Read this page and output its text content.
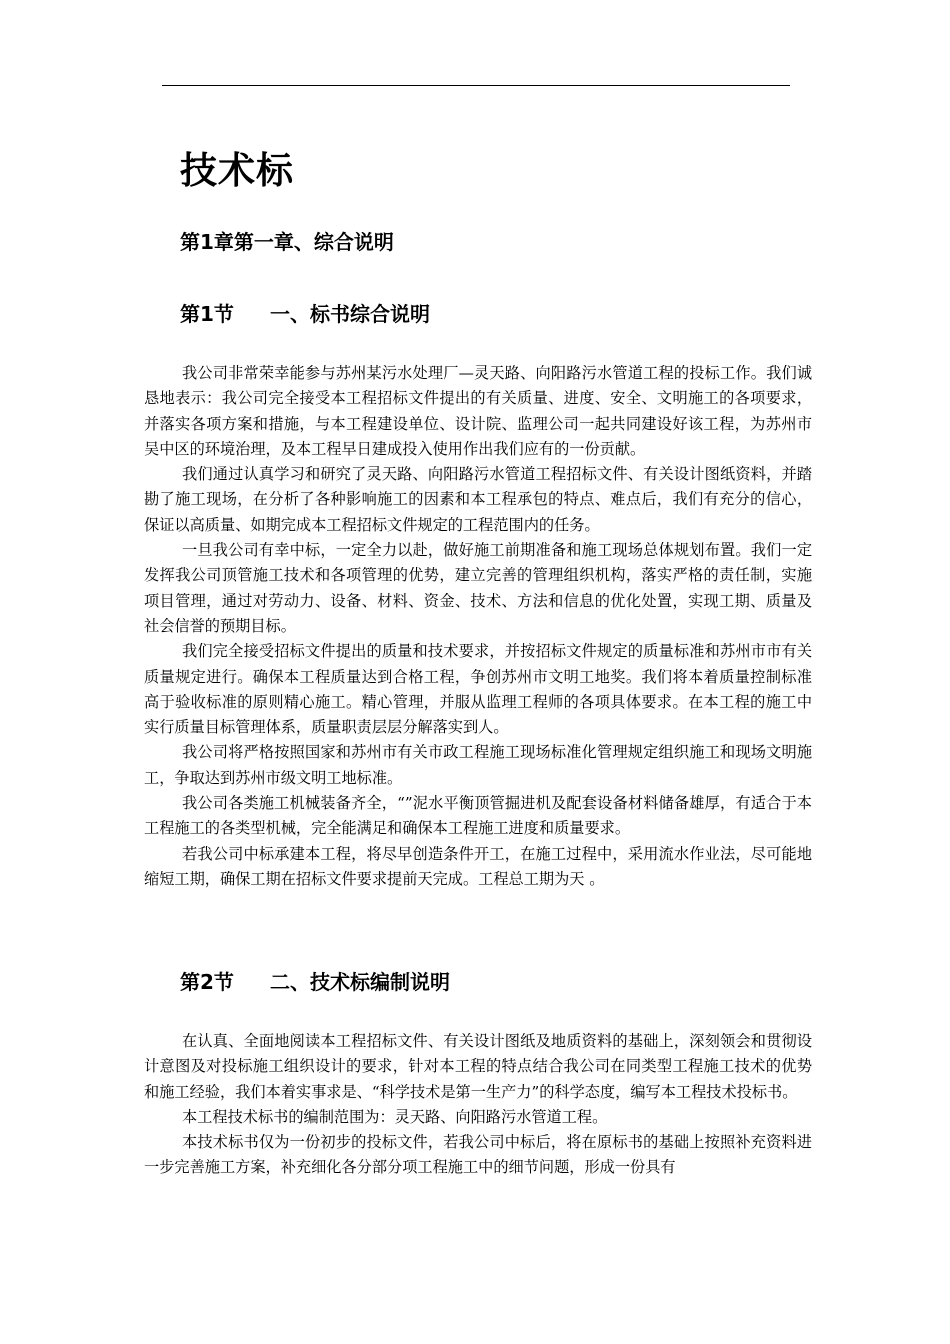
技术标
第1章第一章、综合说明
第1节 一、标书综合说明

我公司非常荣幸能参与苏州某污水处理厂—灵天路、向阳路污水管道工程的投标工作。我们诚恳地表示：我公司完全接受本工程招标文件提出的有关质量、进度、安全、文明施工的各项要求，并落实各项方案和措施，与本工程建设单位、设计院、监理公司一起共同建设好该工程，为苏州市吴中区的环境治理，及本工程早日建成投入使用作出我们应有的一份贡献。

我们通过认真学习和研究了灵天路、向阳路污水管道工程招标文件、有关设计图纸资料，并踏勘了施工现场，在分析了各种影响施工的因素和本工程承包的特点、难点后，我们有充分的信心，保证以高质量、如期完成本工程招标文件规定的工程范围内的任务。

一旦我公司有幸中标，一定全力以赴，做好施工前期准备和施工现场总体规划布置。我们一定发挥我公司顶管施工技术和各项管理的优势，建立完善的管理组织机构，落实严格的责任制，实施项目管理，通过对劳动力、设备、材料、资金、技术、方法和信息的优化处置，实现工期、质量及社会信誉的预期目标。

我们完全接受招标文件提出的质量和技术要求，并按招标文件规定的质量标准和苏州市市有关质量规定进行。确保本工程质量达到合格工程，争创苏州市文明工地奖。我们将本着质量控制标准高于验收标准的原则精心施工。精心管理，并服从监理工程师的各项具体要求。在本工程的施工中实行质量目标管理体系，质量职责层层分解落实到人。

我公司将严格按照国家和苏州市有关市政工程施工现场标准化管理规定组织施工和现场文明施工，争取达到苏州市级文明工地标准。

我公司各类施工机械装备齐全，“”泥水平衡顶管掘进机及配套设备材料储备雄厚，有适合于本工程施工的各类型机械，完全能满足和确保本工程施工进度和质量要求。

若我公司中标承建本工程，将尽早创造条件开工，在施工过程中，采用流水作业法，尽可能地缩短工期，确保工期在招标文件要求提前天完成。工程总工期为天 。

第2节 二、技术标编制说明

在认真、全面地阅读本工程招标文件、有关设计图纸及地质资料的基础上，深刻领会和贯彻设计意图及对投标施工组织设计的要求，针对本工程的特点结合我公司在同类型工程施工技术的优势和施工经验，我们本着实事求是、“科学技术是第一生产力”的科学态度，编写本工程技术投标书。

本工程技术标书的编制范围为：灵天路、向阳路污水管道工程。

本技术标书仅为一份初步的投标文件，若我公司中标后，将在原标书的基础上按照补充资料进一步完善施工方案，补充细化各分部分项工程施工中的细节问题，形成一份具有
